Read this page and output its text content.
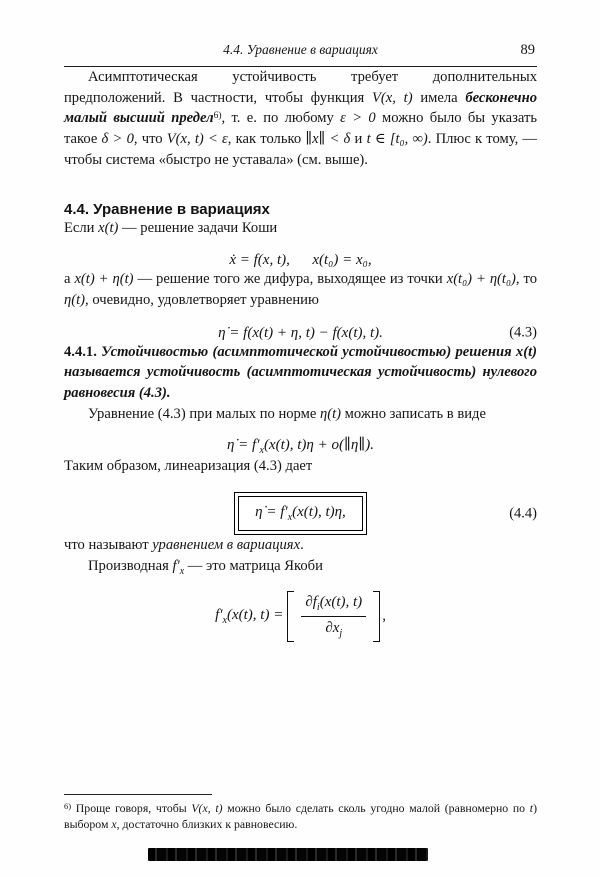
4.4. Уравнение в вариациях	89

Асимптотическая устойчивость требует дополнительных предположений. В частности, чтобы функция V(x, t) имела бесконечно малый высший предел$^{6)}$, т. е. по любому ε > 0 можно было бы указать такое δ > 0, что V(x, t) < ε, как только ∥x∥ < δ и t ∈ [t₀, ∞). Плюс к тому, — чтобы система «быстро не уставала» (см. выше).

4.4. Уравнение в вариациях

Если x(t) — решение задачи Коши

ẋ = f(x, t),  x(t₀) = x₀,

а x(t) + η(t) — решение того же дифура, выходящее из точки x(t₀) + η(t₀), то η(t), очевидно, удовлетворяет уравнению

η̇ = f(x(t) + η, t) − f(x(t), t).	(4.3)

4.4.1. Устойчивостью (асимптотической устойчивостью) решения x(t) называется устойчивость (асимптотическая устойчивость) нулевого равновесия (4.3).

Уравнение (4.3) при малых по норме η(t) можно записать в виде

η̇ = $f'_x(x(t)$, t)η + o(∥η∥).

Таким образом, линеаризация (4.3) дает

η̇ = $f'_x(x(t)$, t)η,	(4.4)

что называют уравнением в вариациях.

Производная $f'_x$ — это матрица Якоби

$f'_x(x(t)$, $t) = \frac{\partial f_i(x(t), t)}{\partial x_j}$ ,
$^{6)}$ Проще говоря, чтобы V(x, t) можно было сделать сколь угодно малой (равномерно по t) выбором x, достаточно близких к равновесию.
